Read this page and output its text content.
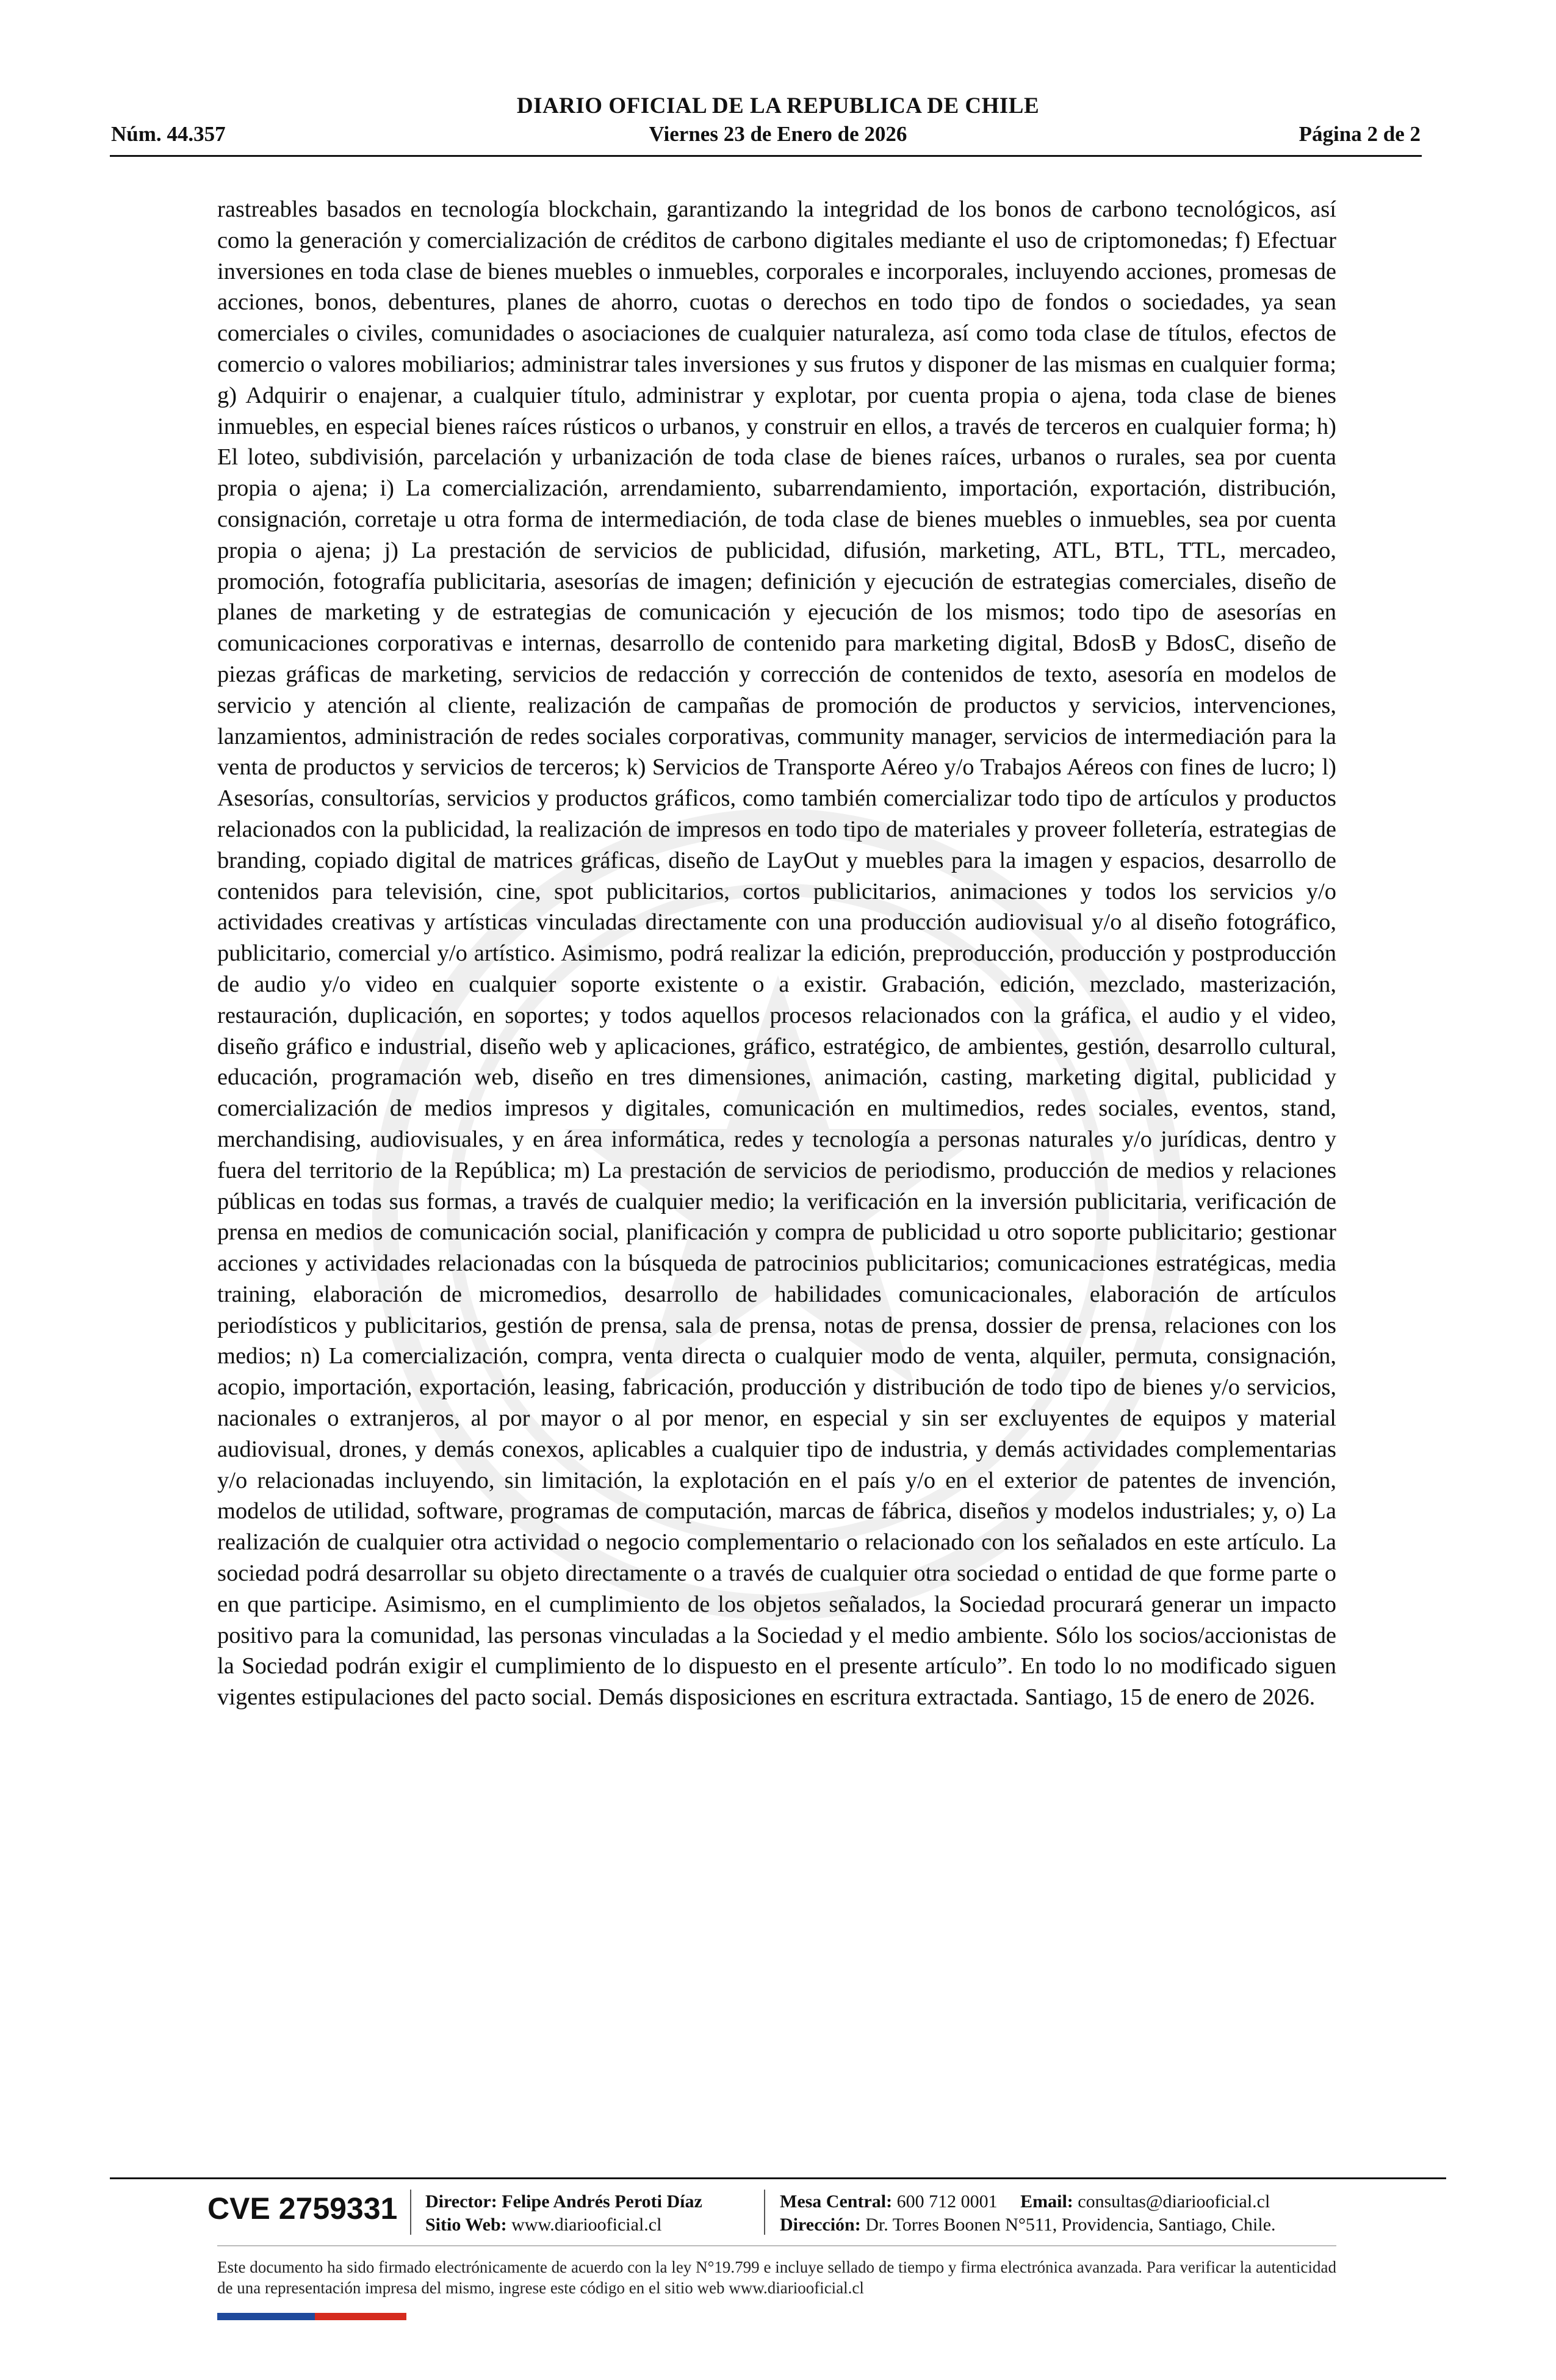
DIARIO OFICIAL DE LA REPUBLICA DE CHILE
Núm. 44.357	Viernes 23 de Enero de 2026	Página 2 de 2
rastreables basados en tecnología blockchain, garantizando la integridad de los bonos de carbono tecnológicos, así como la generación y comercialización de créditos de carbono digitales mediante el uso de criptomonedas; f) Efectuar inversiones en toda clase de bienes muebles o inmuebles, corporales e incorporales, incluyendo acciones, promesas de acciones, bonos, debentures, planes de ahorro, cuotas o derechos en todo tipo de fondos o sociedades, ya sean comerciales o civiles, comunidades o asociaciones de cualquier naturaleza, así como toda clase de títulos, efectos de comercio o valores mobiliarios; administrar tales inversiones y sus frutos y disponer de las mismas en cualquier forma; g) Adquirir o enajenar, a cualquier título, administrar y explotar, por cuenta propia o ajena, toda clase de bienes inmuebles, en especial bienes raíces rústicos o urbanos, y construir en ellos, a través de terceros en cualquier forma; h) El loteo, subdivisión, parcelación y urbanización de toda clase de bienes raíces, urbanos o rurales, sea por cuenta propia o ajena; i) La comercialización, arrendamiento, subarrendamiento, importación, exportación, distribución, consignación, corretaje u otra forma de intermediación, de toda clase de bienes muebles o inmuebles, sea por cuenta propia o ajena; j) La prestación de servicios de publicidad, difusión, marketing, ATL, BTL, TTL, mercadeo, promoción, fotografía publicitaria, asesorías de imagen; definición y ejecución de estrategias comerciales, diseño de planes de marketing y de estrategias de comunicación y ejecución de los mismos; todo tipo de asesorías en comunicaciones corporativas e internas, desarrollo de contenido para marketing digital, BdosB y BdosC, diseño de piezas gráficas de marketing, servicios de redacción y corrección de contenidos de texto, asesoría en modelos de servicio y atención al cliente, realización de campañas de promoción de productos y servicios, intervenciones, lanzamientos, administración de redes sociales corporativas, community manager, servicios de intermediación para la venta de productos y servicios de terceros; k) Servicios de Transporte Aéreo y/o Trabajos Aéreos con fines de lucro; l) Asesorías, consultorías, servicios y productos gráficos, como también comercializar todo tipo de artículos y productos relacionados con la publicidad, la realización de impresos en todo tipo de materiales y proveer folletería, estrategias de branding, copiado digital de matrices gráficas, diseño de LayOut y muebles para la imagen y espacios, desarrollo de contenidos para televisión, cine, spot publicitarios, cortos publicitarios, animaciones y todos los servicios y/o actividades creativas y artísticas vinculadas directamente con una producción audiovisual y/o al diseño fotográfico, publicitario, comercial y/o artístico. Asimismo, podrá realizar la edición, preproducción, producción y postproducción de audio y/o video en cualquier soporte existente o a existir. Grabación, edición, mezclado, masterización, restauración, duplicación, en soportes; y todos aquellos procesos relacionados con la gráfica, el audio y el video, diseño gráfico e industrial, diseño web y aplicaciones, gráfico, estratégico, de ambientes, gestión, desarrollo cultural, educación, programación web, diseño en tres dimensiones, animación, casting, marketing digital, publicidad y comercialización de medios impresos y digitales, comunicación en multimedios, redes sociales, eventos, stand, merchandising, audiovisuales, y en área informática, redes y tecnología a personas naturales y/o jurídicas, dentro y fuera del territorio de la República; m) La prestación de servicios de periodismo, producción de medios y relaciones públicas en todas sus formas, a través de cualquier medio; la verificación en la inversión publicitaria, verificación de prensa en medios de comunicación social, planificación y compra de publicidad u otro soporte publicitario; gestionar acciones y actividades relacionadas con la búsqueda de patrocinios publicitarios; comunicaciones estratégicas, media training, elaboración de micromedios, desarrollo de habilidades comunicacionales, elaboración de artículos periodísticos y publicitarios, gestión de prensa, sala de prensa, notas de prensa, dossier de prensa, relaciones con los medios; n) La comercialización, compra, venta directa o cualquier modo de venta, alquiler, permuta, consignación, acopio, importación, exportación, leasing, fabricación, producción y distribución de todo tipo de bienes y/o servicios, nacionales o extranjeros, al por mayor o al por menor, en especial y sin ser excluyentes de equipos y material audiovisual, drones, y demás conexos, aplicables a cualquier tipo de industria, y demás actividades complementarias y/o relacionadas incluyendo, sin limitación, la explotación en el país y/o en el exterior de patentes de invención, modelos de utilidad, software, programas de computación, marcas de fábrica, diseños y modelos industriales; y, o) La realización de cualquier otra actividad o negocio complementario o relacionado con los señalados en este artículo. La sociedad podrá desarrollar su objeto directamente o a través de cualquier otra sociedad o entidad de que forme parte o en que participe. Asimismo, en el cumplimiento de los objetos señalados, la Sociedad procurará generar un impacto positivo para la comunidad, las personas vinculadas a la Sociedad y el medio ambiente. Sólo los socios/accionistas de la Sociedad podrán exigir el cumplimiento de lo dispuesto en el presente artículo”. En todo lo no modificado siguen vigentes estipulaciones del pacto social. Demás disposiciones en escritura extractada. Santiago, 15 de enero de 2026.
CVE 2759331 Director: Felipe Andrés Peroti Díaz
Sitio Web: www.diariooficial.cl
Mesa Central: 600 712 0001 Email: consultas@diariooficial.cl
Dirección: Dr. Torres Boonen N°511, Providencia, Santiago, Chile.
Este documento ha sido firmado electrónicamente de acuerdo con la ley N°19.799 e incluye sellado de tiempo y firma electrónica avanzada. Para verificar la autenticidad de una representación impresa del mismo, ingrese este código en el sitio web www.diariooficial.cl
